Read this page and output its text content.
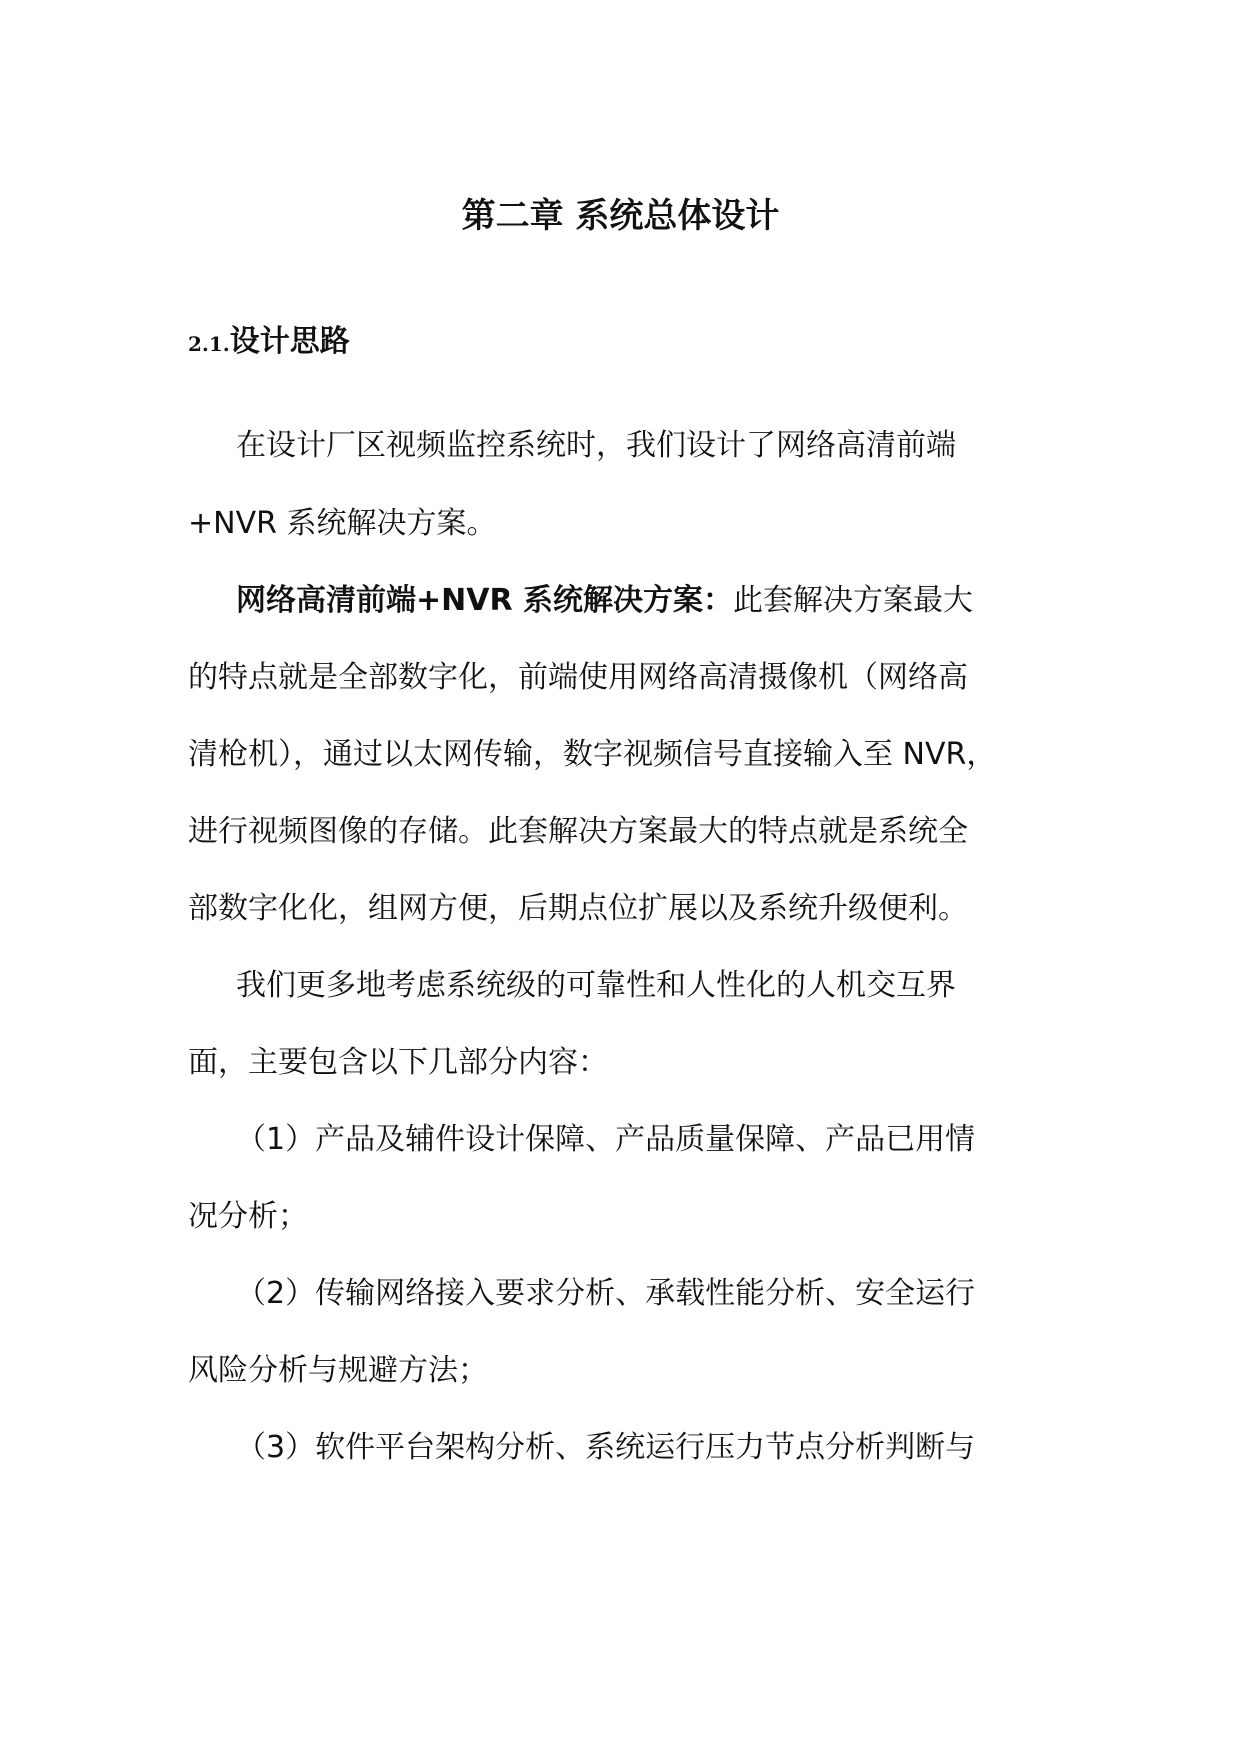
第二章 系统总体设计
2.1.设计思路
在设计厂区视频监控系统时，我们设计了网络高清前端
+NVR 系统解决方案。
网络高清前端+NVR 系统解决方案：此套解决方案最大
的特点就是全部数字化，前端使用网络高清摄像机（网络高
清枪机），通过以太网传输，数字视频信号直接输入至 NVR，
进行视频图像的存储。此套解决方案最大的特点就是系统全
部数字化化，组网方便，后期点位扩展以及系统升级便利。
我们更多地考虑系统级的可靠性和人性化的人机交互界
面，主要包含以下几部分内容：
（1）产品及辅件设计保障、产品质量保障、产品已用情
况分析；
（2）传输网络接入要求分析、承载性能分析、安全运行
风险分析与规避方法；
（3）软件平台架构分析、系统运行压力节点分析判断与
